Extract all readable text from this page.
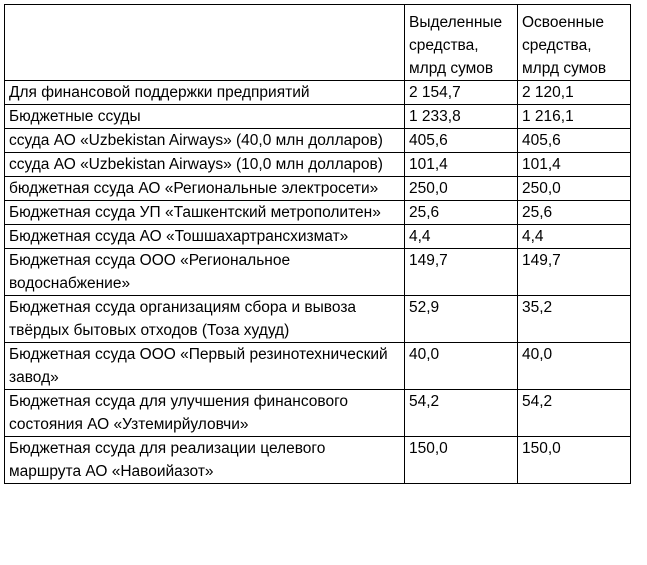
	Выделенные средства, млрд сумов	Освоенные средства, млрд сумов
Для финансовой поддержки предприятий	2 154,7	2 120,1
Бюджетные ссуды	1 233,8	1 216,1
ссуда АО «Uzbekistan Airways» (40,0 млн долларов)	405,6	405,6
ссуда АО «Uzbekistan Airways» (10,0 млн долларов)	101,4	101,4
бюджетная ссуда АО «Региональные электросети»	250,0	250,0
Бюджетная ссуда УП «Ташкентский метрополитен»	25,6	25,6
Бюджетная ссуда АО «Тошшахартрансхизмат»	4,4	4,4
Бюджетная ссуда ООО «Региональное водоснабжение»	149,7	149,7
Бюджетная ссуда организациям сбора и вывоза твёрдых бытовых отходов (Тоза худуд)	52,9	35,2
Бюджетная ссуда ООО «Первый резинотехнический завод»	40,0	40,0
Бюджетная ссуда для улучшения финансового состояния АО «Узтемирйуловчи»	54,2	54,2
Бюджетная ссуда для реализации целевого маршрута АО «Навоийазот»	150,0	150,0
